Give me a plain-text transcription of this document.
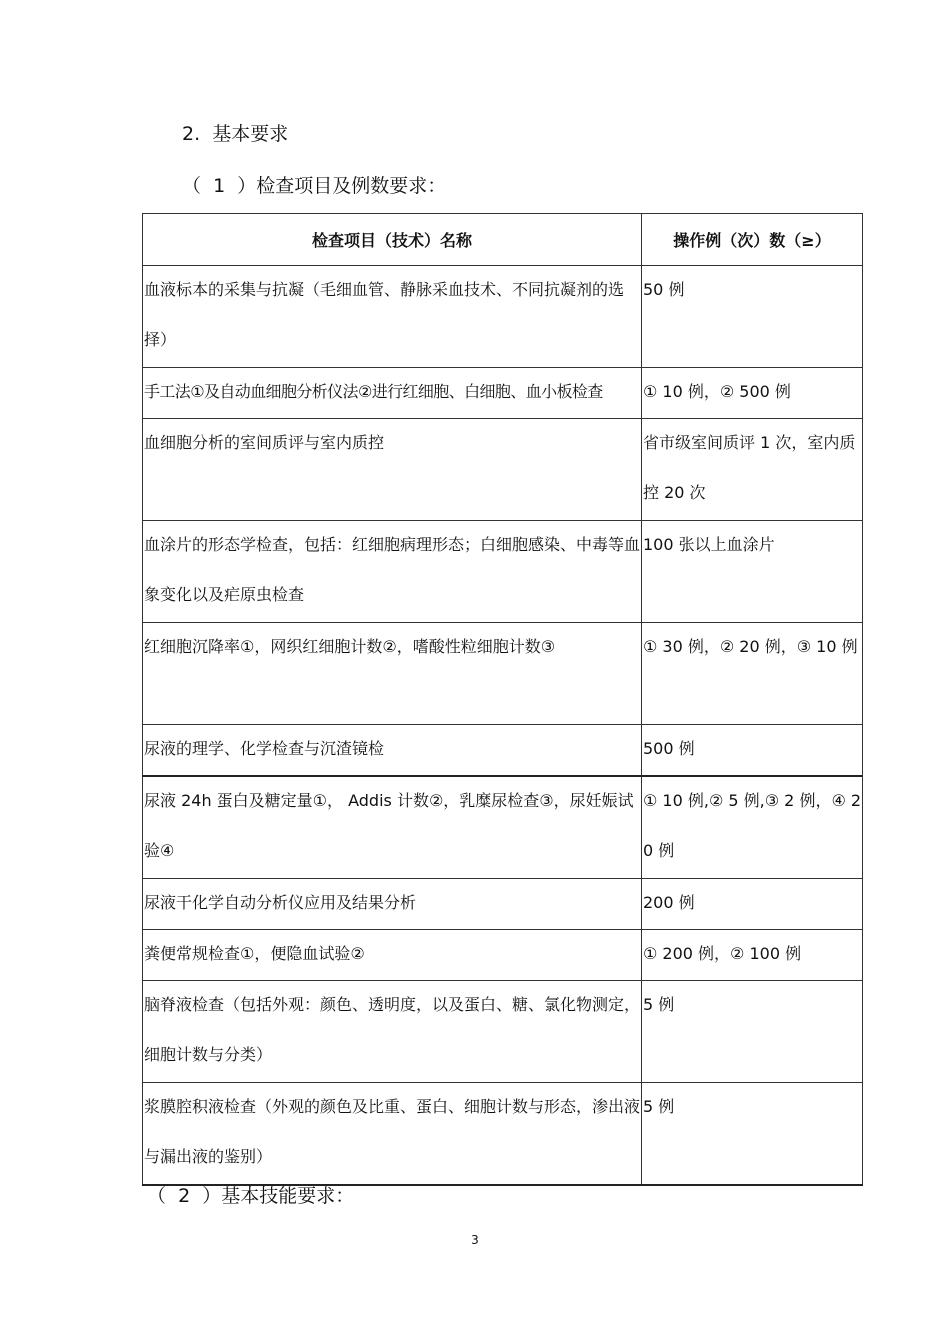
2.  基本要求
（  1  ）检查项目及例数要求：
检查项目（技术）名称	操作例（次）数（≥）

血液标本的采集与抗凝（毛细血管、静脉采血技术、不同抗凝剂的选择）	50 例

手工法①及自动血细胞分析仪法②进行红细胞、白细胞、血小板检查	① 10 例，② 500 例

血细胞分析的室间质评与室内质控	省市级室间质评 1 次，室内质控 20 次

血涂片的形态学检查，包括：红细胞病理形态；白细胞感染、中毒等血象变化以及疟原虫检查	100 张以上血涂片

红细胞沉降率①，网织红细胞计数②，嗜酸性粒细胞计数③	① 30 例，② 20 例，③ 10 例

尿液的理学、化学检查与沉渣镜检	500 例

尿液 24h 蛋白及糖定量①， Addis 计数②，乳糜尿检查③，尿妊娠试验④	① 10 例,② 5 例,③ 2 例，④ 20 例

尿液干化学自动分析仪应用及结果分析	200 例

粪便常规检查①，便隐血试验②	① 200 例，② 100 例

脑脊液检查（包括外观：颜色、透明度，以及蛋白、糖、氯化物测定，细胞计数与分类）	5 例

浆膜腔积液检查（外观的颜色及比重、蛋白、细胞计数与形态，渗出液与漏出液的鉴别）	5 例
（  2  ）基本技能要求：
3
